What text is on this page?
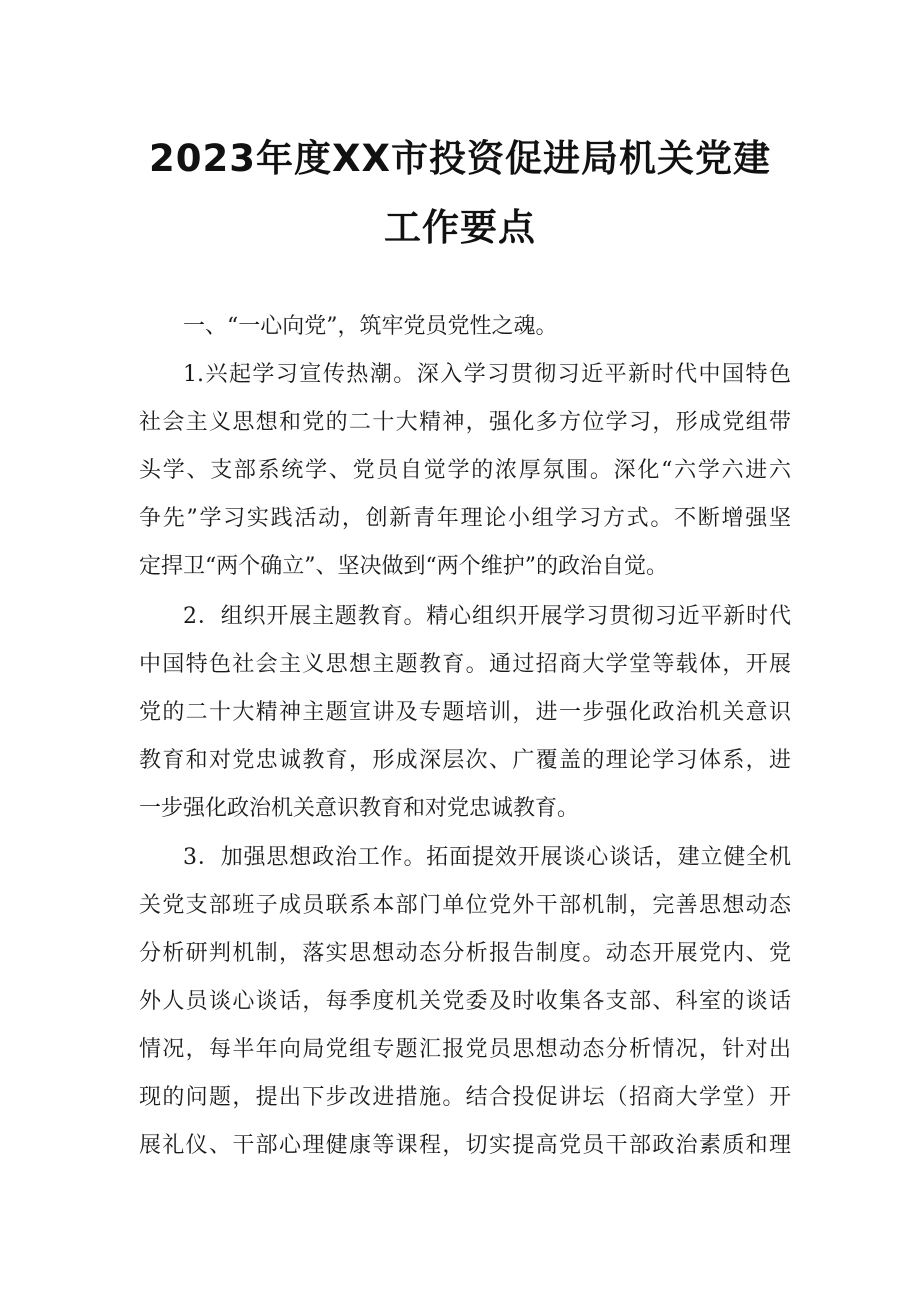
2023年度XX市投资促进局机关党建
工作要点
一、“一心向党”，筑牢党员党性之魂。
1.兴起学习宣传热潮。深入学习贯彻习近平新时代中国特色
社会主义思想和党的二十大精神，强化多方位学习，形成党组带
头学、支部系统学、党员自觉学的浓厚氛围。深化“六学六进六
争先”学习实践活动，创新青年理论小组学习方式。不断增强坚
定捍卫“两个确立”、坚决做到“两个维护”的政治自觉。
2．组织开展主题教育。精心组织开展学习贯彻习近平新时代
中国特色社会主义思想主题教育。通过招商大学堂等载体，开展
党的二十大精神主题宣讲及专题培训，进一步强化政治机关意识
教育和对党忠诚教育，形成深层次、广覆盖的理论学习体系，进
一步强化政治机关意识教育和对党忠诚教育。
3．加强思想政治工作。拓面提效开展谈心谈话，建立健全机
关党支部班子成员联系本部门单位党外干部机制，完善思想动态
分析研判机制，落实思想动态分析报告制度。动态开展党内、党
外人员谈心谈话，每季度机关党委及时收集各支部、科室的谈话
情况，每半年向局党组专题汇报党员思想动态分析情况，针对出
现的问题，提出下步改进措施。结合投促讲坛（招商大学堂）开
展礼仪、干部心理健康等课程，切实提高党员干部政治素质和理
